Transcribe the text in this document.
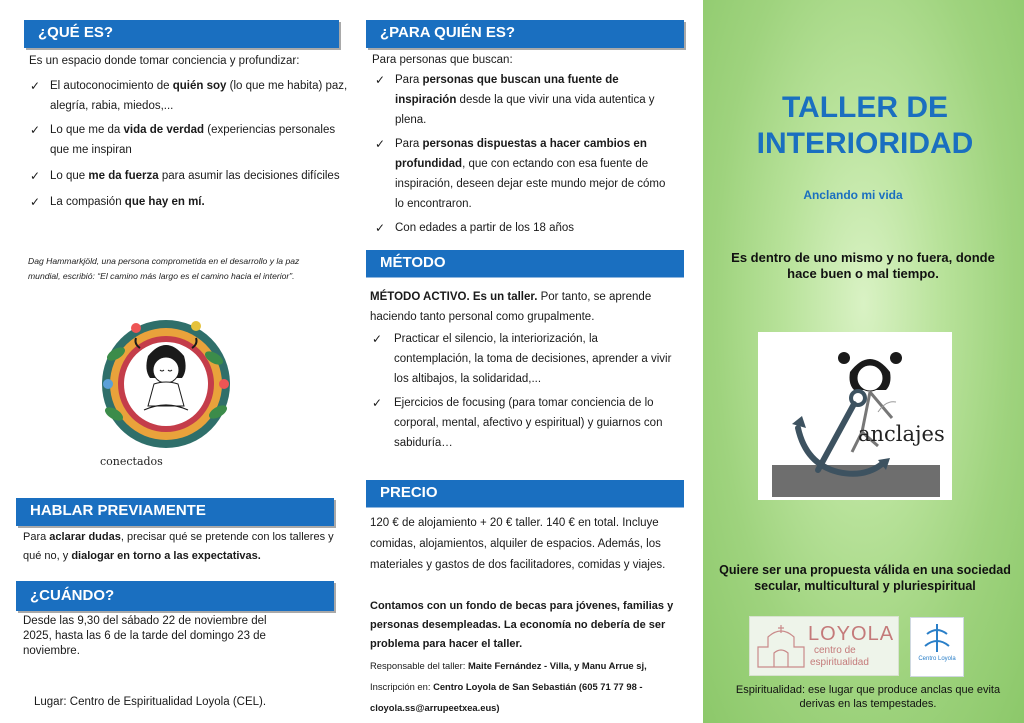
¿QUÉ ES?
Es un espacio donde tomar conciencia y profundizar:
✓ El autoconocimiento de quién soy (lo que me habita) paz, alegría, rabia, miedos,...
✓ Lo que me da vida de verdad (experiencias personales que me inspiran
✓ Lo que me da fuerza para asumir las decisiones difíciles
✓ La compasión que hay en mí.
Dag Hammarkjöld, una persona comprometida en el desarrollo y la paz mundial, escribió: “El camino más largo es el camino hacia el interior”.
conectados
HABLAR PREVIAMENTE
Para aclarar dudas, precisar qué se pretende con los talleres y qué no, y dialogar en torno a las expectativas.
¿CUÁNDO?
Desde las 9,30 del sábado 22 de noviembre del 2025, hasta las 6 de la tarde del domingo 23 de noviembre.
Lugar: Centro de Espiritualidad Loyola (CEL).
¿PARA QUIÉN ES?
Para personas que buscan:
✓ Para personas que buscan una fuente de inspiración desde la que vivir una vida autentica y plena.
✓ Para personas dispuestas a hacer cambios en profundidad, que con ectando con esa fuente de inspiración, deseen dejar este mundo mejor de cómo lo encontraron.
✓ Con edades a partir de los 18 años
MÉTODO
MÉTODO ACTIVO. Es un taller. Por tanto, se aprende haciendo tanto personal como grupalmente.
✓ Practicar el silencio, la interiorización, la contemplación, la toma de decisiones, aprender a vivir los altibajos, la solidaridad,...
✓ Ejercicios de focusing (para tomar conciencia de lo corporal, mental, afectivo y espiritual) y guiarnos con sabiduría…
PRECIO
120 € de alojamiento + 20 € taller. 140 € en total. Incluye comidas, alojamientos, alquiler de espacios. Además, los materiales y gastos de dos facilitadores, comidas y viajes.
Contamos con un fondo de becas para jóvenes, familias y personas desempleadas. La economía no debería de ser problema para hacer el taller.
Responsable del taller: Maite Fernández - Villa, y Manu Arrue sj,
Inscripción en: Centro Loyola de San Sebastián (605 71 77 98 - cloyola.ss@arrupeetxea.eus)
TALLER DE INTERIORIDAD
Anclando mi vida
Es dentro de uno mismo y no fuera, donde hace buen o mal tiempo.
anclajes
Quiere ser una propuesta válida en una sociedad secular, multicultural y pluriespiritual
LOYOLA
centro de
espiritualidad	Centro Loyola
Espiritualidad: ese lugar que produce anclas que evita derivas en las tempestades.
